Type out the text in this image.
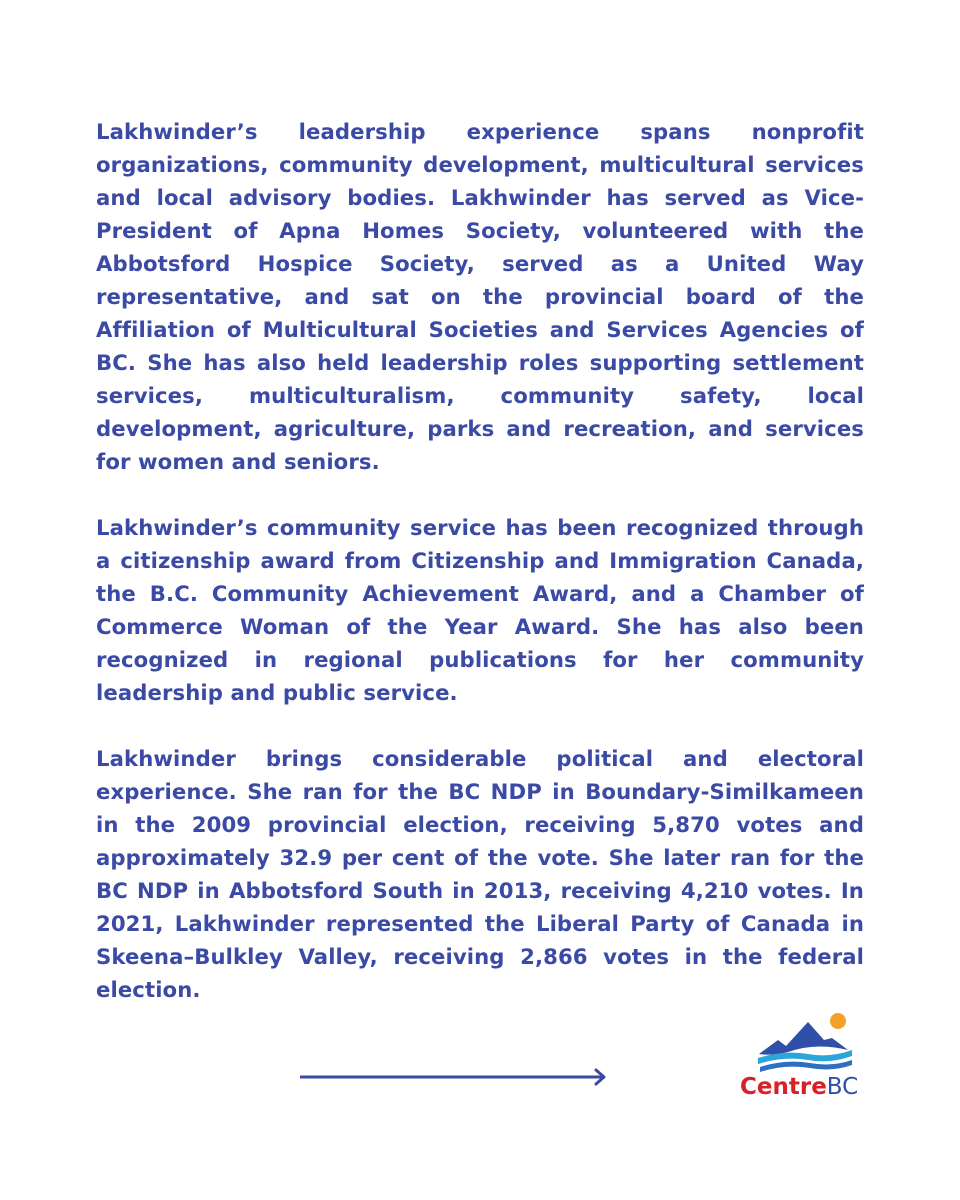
Lakhwinder’s leadership experience spans nonprofit organizations, community development, multicultural services and local advisory bodies. Lakhwinder has served as Vice-President of Apna Homes Society, volunteered with the Abbotsford Hospice Society, served as a United Way representative, and sat on the provincial board of the Affiliation of Multicultural Societies and Services Agencies of BC. She has also held leadership roles supporting settlement services, multiculturalism, community safety, local development, agriculture, parks and recreation, and services for women and seniors.

Lakhwinder’s community service has been recognized through a citizenship award from Citizenship and Immigration Canada, the B.C. Community Achievement Award, and a Chamber of Commerce Woman of the Year Award. She has also been recognized in regional publications for her community leadership and public service.

Lakhwinder brings considerable political and electoral experience. She ran for the BC NDP in Boundary-Similkameen in the 2009 provincial election, receiving 5,870 votes and approximately 32.9 per cent of the vote. She later ran for the BC NDP in Abbotsford South in 2013, receiving 4,210 votes. In 2021, Lakhwinder represented the Liberal Party of Canada in Skeena–Bulkley Valley, receiving 2,866 votes in the federal election.

CentreBC
